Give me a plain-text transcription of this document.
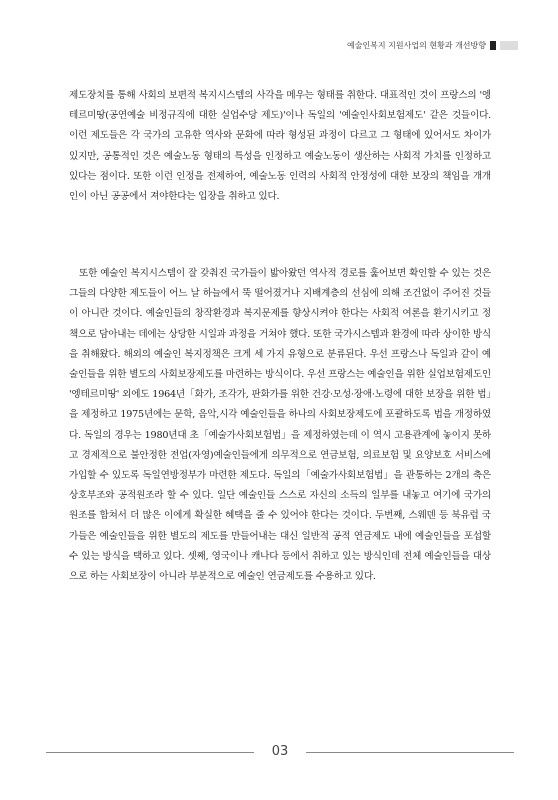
예술인복지 지원사업의 현황과 개선방향

제도장치를 통해 사회의 보편적 복지시스템의 사각을 메우는 형태를 취한다. 대표적인 것이 프랑스의 '엥테르미땅(공연예술 비정규직에 대한 실업수당 제도)'이나 독일의 '예술인사회보험제도' 같은 것들이다. 이런 제도들은 각 국가의 고유한 역사와 문화에 따라 형성된 과정이 다르고 그 형태에 있어서도 차이가 있지만, 공통적인 것은 예술노동 형태의 특성을 인정하고 예술노동이 생산하는 사회적 가치를 인정하고 있다는 점이다. 또한 이런 인정을 전제하여, 예술노동 인력의 사회적 안정성에 대한 보장의 책임을 개개인이 아닌 공공에서 져야한다는 입장을 취하고 있다.

또한 예술인 복지시스템이 잘 갖춰진 국가들이 밟아왔던 역사적 경로를 훑어보면 확인할 수 있는 것은 그들의 다양한 제도들이 어느 날 하늘에서 뚝 떨어졌거나 지배계층의 선심에 의해 조건없이 주어진 것들이 아니란 것이다. 예술인들의 창작환경과 복지문제를 향상시켜야 한다는 사회적 여론을 환기시키고 정책으로 담아내는 데에는 상당한 시일과 과정을 거쳐야 했다. 또한 국가시스템과 환경에 따라 상이한 방식을 취해왔다. 해외의 예술인 복지정책은 크게 세 가지 유형으로 분류된다. 우선 프랑스나 독일과 같이 예술인들을 위한 별도의 사회보장제도를 마련하는 방식이다. 우선 프랑스는 예술인을 위한 실업보험제도인 '엥테르미땅' 외에도 1964년「화가, 조각가, 판화가를 위한 건강·모성·장애·노령에 대한 보장을 위한 법」을 제정하고 1975년에는 문학, 음악,시각 예술인들을 하나의 사회보장제도에 포괄하도록 법을 개정하였다. 독일의 경우는 1980년대 초「예술가사회보험법」을 제정하였는데 이 역시 고용관계에 놓이지 못하고 경제적으로 불안정한 전업(자영)예술인들에게 의무적으로 연금보험, 의료보험 및 요양보호 서비스에 가입할 수 있도록 독일연방정부가 마련한 제도다. 독일의「예술가사회보험법」을 관통하는 2개의 축은 상호부조와 공적원조라 할 수 있다. 일단 예술인들 스스로 자신의 소득의 일부를 내놓고 여기에 국가의 원조를 합쳐서 더 많은 이에게 확실한 혜택을 줄 수 있어야 한다는 것이다. 두번째, 스웨덴 등 북유럽 국가들은 예술인들을 위한 별도의 제도를 만들어내는 대신 일반적 공적 연금제도 내에 예술인들을 포섭할 수 있는 방식을 택하고 있다. 셋째, 영국이나 캐나다 등에서 취하고 있는 방식인데 전체 예술인들을 대상으로 하는 사회보장이 아니라 부분적으로 예술인 연금제도를 수용하고 있다.

03
